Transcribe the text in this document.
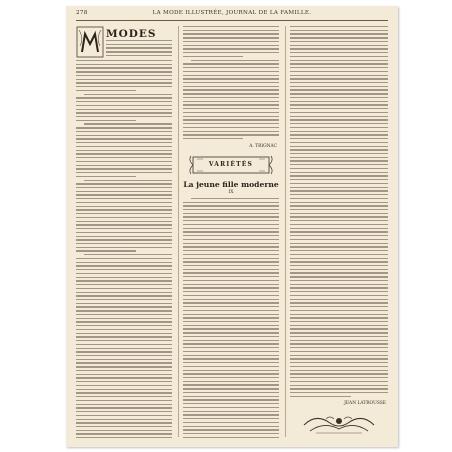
278	LA MODE ILLUSTRÉE, JOURNAL DE LA FAMILLE.
MODES
A. TRIGNAC
VARIÉTÉS
La jeune fille moderne
IX
JEAN LATROUSSE
